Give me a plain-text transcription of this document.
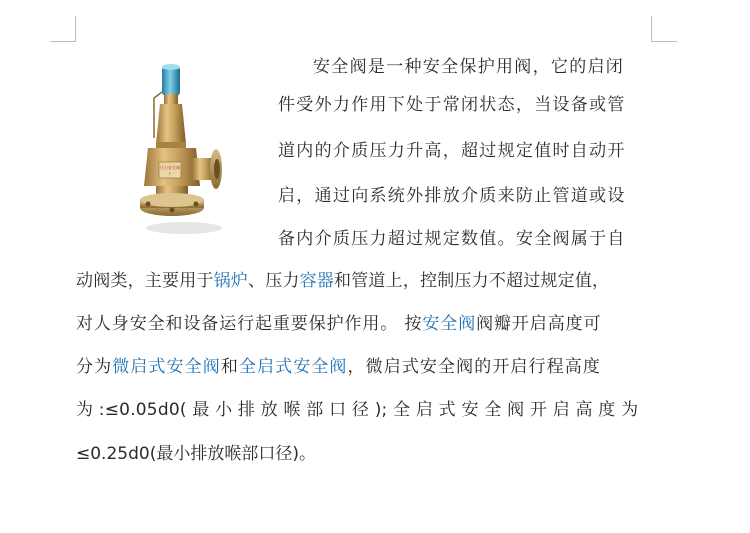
压力安全阀
↑
安全阀是一种安全保护用阀，它的启闭
件受外力作用下处于常闭状态，当设备或管
道内的介质压力升高，超过规定值时自动开
启，通过向系统外排放介质来防止管道或设
备内介质压力超过规定数值。安全阀属于自
动阀类，主要用于锅炉、压力容器和管道上，控制压力不超过规定值，
对人身安全和设备运行起重要保护作用。 按安全阀阀瓣开启高度可
分为微启式安全阀和全启式安全阀，微启式安全阀的开启行程高度
为 :≤0.05d0( 最 小 排 放 喉 部 口 径 ); 全 启 式 安 全 阀 开 启 高 度 为
≤0.25d0(最小排放喉部口径)。
